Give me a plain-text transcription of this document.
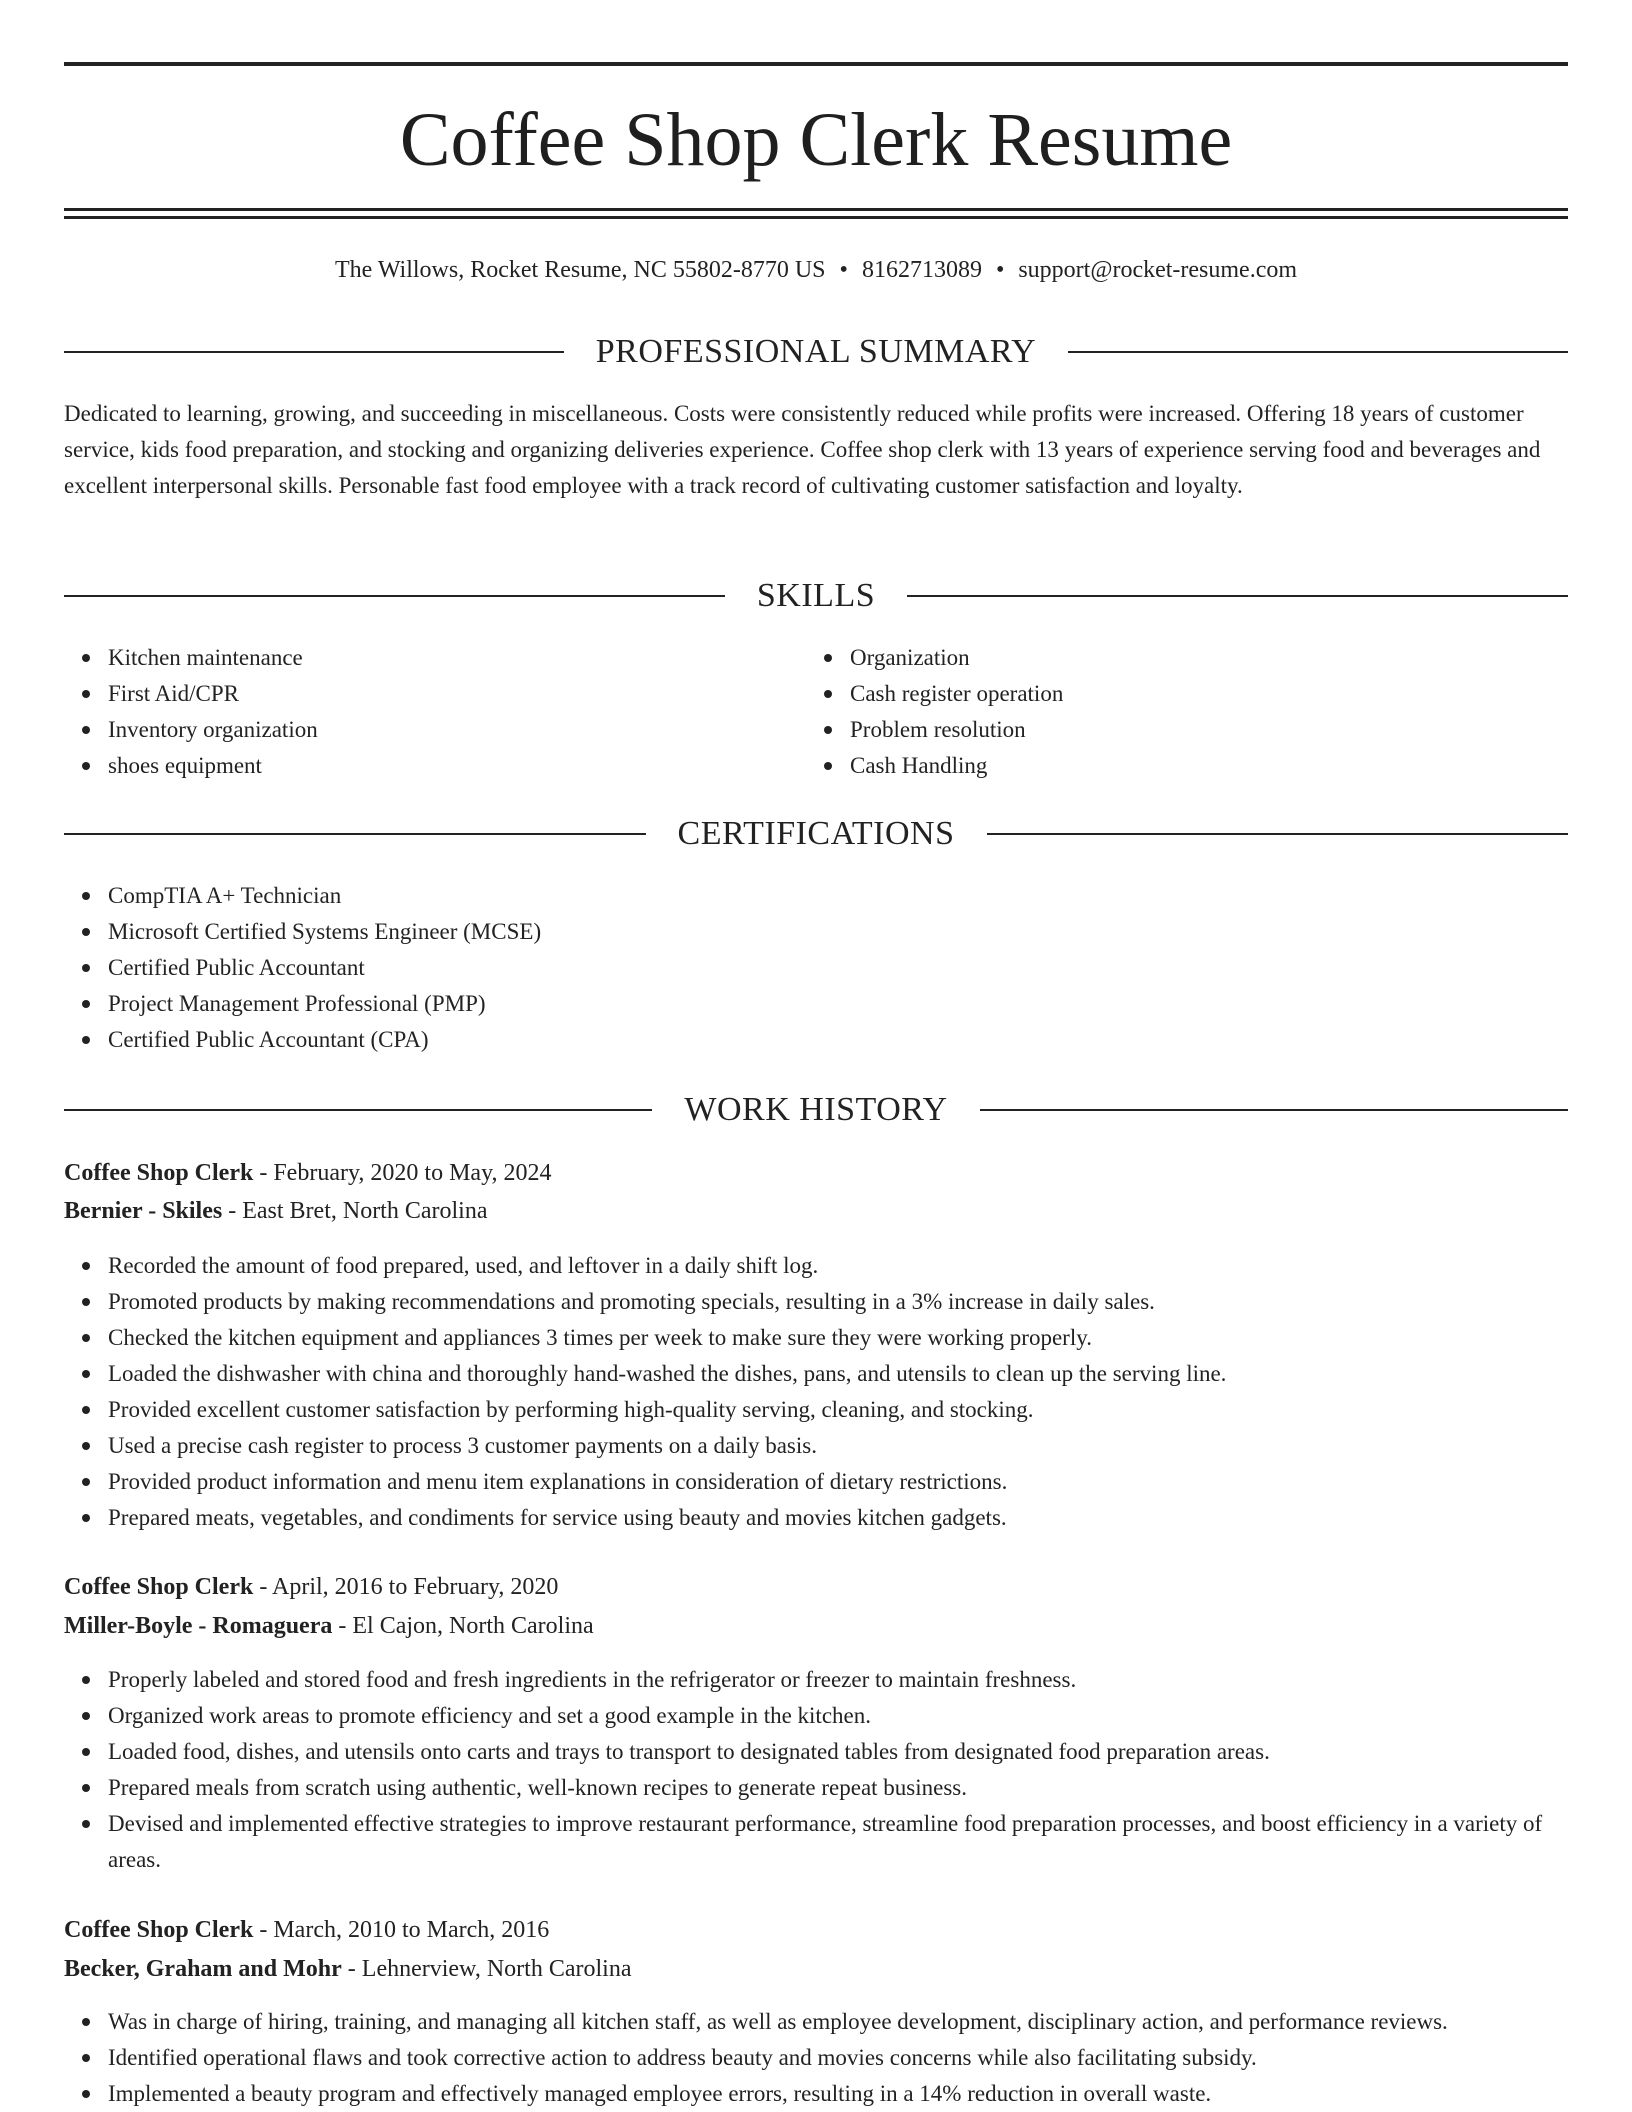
Coffee Shop Clerk Resume
The Willows, Rocket Resume, NC 55802-8770 US • 8162713089 • support@rocket-resume.com
PROFESSIONAL SUMMARY

Dedicated to learning, growing, and succeeding in miscellaneous. Costs were consistently reduced while profits were increased. Offering 18 years of customer service, kids food preparation, and stocking and organizing deliveries experience. Coffee shop clerk with 13 years of experience serving food and beverages and excellent interpersonal skills. Personable fast food employee with a track record of cultivating customer satisfaction and loyalty.

SKILLS
Kitchen maintenance
First Aid/CPR
Inventory organization
shoes equipment
Organization
Cash register operation
Problem resolution
Cash Handling
CERTIFICATIONS
CompTIA A+ Technician
Microsoft Certified Systems Engineer (MCSE)
Certified Public Accountant
Project Management Professional (PMP)
Certified Public Accountant (CPA)
WORK HISTORY
Coffee Shop Clerk - February, 2020 to May, 2024
Bernier - Skiles - East Bret, North Carolina
Recorded the amount of food prepared, used, and leftover in a daily shift log.
Promoted products by making recommendations and promoting specials, resulting in a 3% increase in daily sales.
Checked the kitchen equipment and appliances 3 times per week to make sure they were working properly.
Loaded the dishwasher with china and thoroughly hand-washed the dishes, pans, and utensils to clean up the serving line.
Provided excellent customer satisfaction by performing high-quality serving, cleaning, and stocking.
Used a precise cash register to process 3 customer payments on a daily basis.
Provided product information and menu item explanations in consideration of dietary restrictions.
Prepared meats, vegetables, and condiments for service using beauty and movies kitchen gadgets.
Coffee Shop Clerk - April, 2016 to February, 2020
Miller-Boyle - Romaguera - El Cajon, North Carolina
Properly labeled and stored food and fresh ingredients in the refrigerator or freezer to maintain freshness.
Organized work areas to promote efficiency and set a good example in the kitchen.
Loaded food, dishes, and utensils onto carts and trays to transport to designated tables from designated food preparation areas.
Prepared meals from scratch using authentic, well-known recipes to generate repeat business.
Devised and implemented effective strategies to improve restaurant performance, streamline food preparation processes, and boost efficiency in a variety of areas.
Coffee Shop Clerk - March, 2010 to March, 2016
Becker, Graham and Mohr - Lehnerview, North Carolina
Was in charge of hiring, training, and managing all kitchen staff, as well as employee development, disciplinary action, and performance reviews.
Identified operational flaws and took corrective action to address beauty and movies concerns while also facilitating subsidy.
Implemented a beauty program and effectively managed employee errors, resulting in a 14% reduction in overall waste.
